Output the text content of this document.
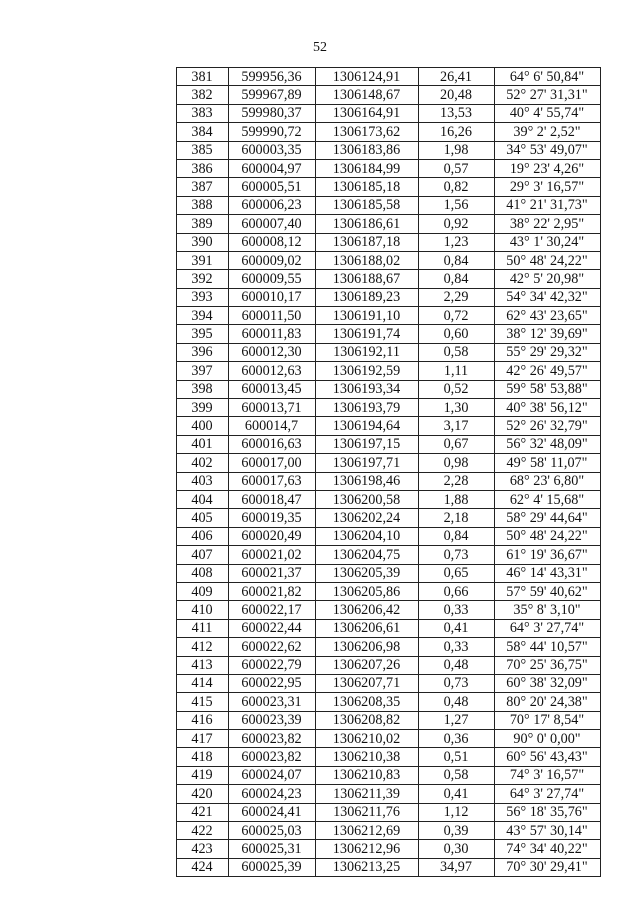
52
	381	599956,36	1306124,91	26,41	64° 6' 50,84"
	382	599967,89	1306148,67	20,48	52° 27' 31,31"
	383	599980,37	1306164,91	13,53	40° 4' 55,74"
	384	599990,72	1306173,62	16,26	39° 2' 2,52"
	385	600003,35	1306183,86	1,98	34° 53' 49,07"
	386	600004,97	1306184,99	0,57	19° 23' 4,26"
	387	600005,51	1306185,18	0,82	29° 3' 16,57"
	388	600006,23	1306185,58	1,56	41° 21' 31,73"
	389	600007,40	1306186,61	0,92	38° 22' 2,95"
	390	600008,12	1306187,18	1,23	43° 1' 30,24"
	391	600009,02	1306188,02	0,84	50° 48' 24,22"
	392	600009,55	1306188,67	0,84	42° 5' 20,98"
	393	600010,17	1306189,23	2,29	54° 34' 42,32"
	394	600011,50	1306191,10	0,72	62° 43' 23,65"
	395	600011,83	1306191,74	0,60	38° 12' 39,69"
	396	600012,30	1306192,11	0,58	55° 29' 29,32"
	397	600012,63	1306192,59	1,11	42° 26' 49,57"
	398	600013,45	1306193,34	0,52	59° 58' 53,88"
	399	600013,71	1306193,79	1,30	40° 38' 56,12"
	400	600014,7	1306194,64	3,17	52° 26' 32,79"
	401	600016,63	1306197,15	0,67	56° 32' 48,09"
	402	600017,00	1306197,71	0,98	49° 58' 11,07"
	403	600017,63	1306198,46	2,28	68° 23' 6,80"
	404	600018,47	1306200,58	1,88	62° 4' 15,68"
	405	600019,35	1306202,24	2,18	58° 29' 44,64"
	406	600020,49	1306204,10	0,84	50° 48' 24,22"
	407	600021,02	1306204,75	0,73	61° 19' 36,67"
	408	600021,37	1306205,39	0,65	46° 14' 43,31"
	409	600021,82	1306205,86	0,66	57° 59' 40,62"
	410	600022,17	1306206,42	0,33	35° 8' 3,10"
	411	600022,44	1306206,61	0,41	64° 3' 27,74"
	412	600022,62	1306206,98	0,33	58° 44' 10,57"
	413	600022,79	1306207,26	0,48	70° 25' 36,75"
	414	600022,95	1306207,71	0,73	60° 38' 32,09"
	415	600023,31	1306208,35	0,48	80° 20' 24,38"
	416	600023,39	1306208,82	1,27	70° 17' 8,54"
	417	600023,82	1306210,02	0,36	90° 0' 0,00"
	418	600023,82	1306210,38	0,51	60° 56' 43,43"
	419	600024,07	1306210,83	0,58	74° 3' 16,57"
	420	600024,23	1306211,39	0,41	64° 3' 27,74"
	421	600024,41	1306211,76	1,12	56° 18' 35,76"
	422	600025,03	1306212,69	0,39	43° 57' 30,14"
	423	600025,31	1306212,96	0,30	74° 34' 40,22"
	424	600025,39	1306213,25	34,97	70° 30' 29,41"
